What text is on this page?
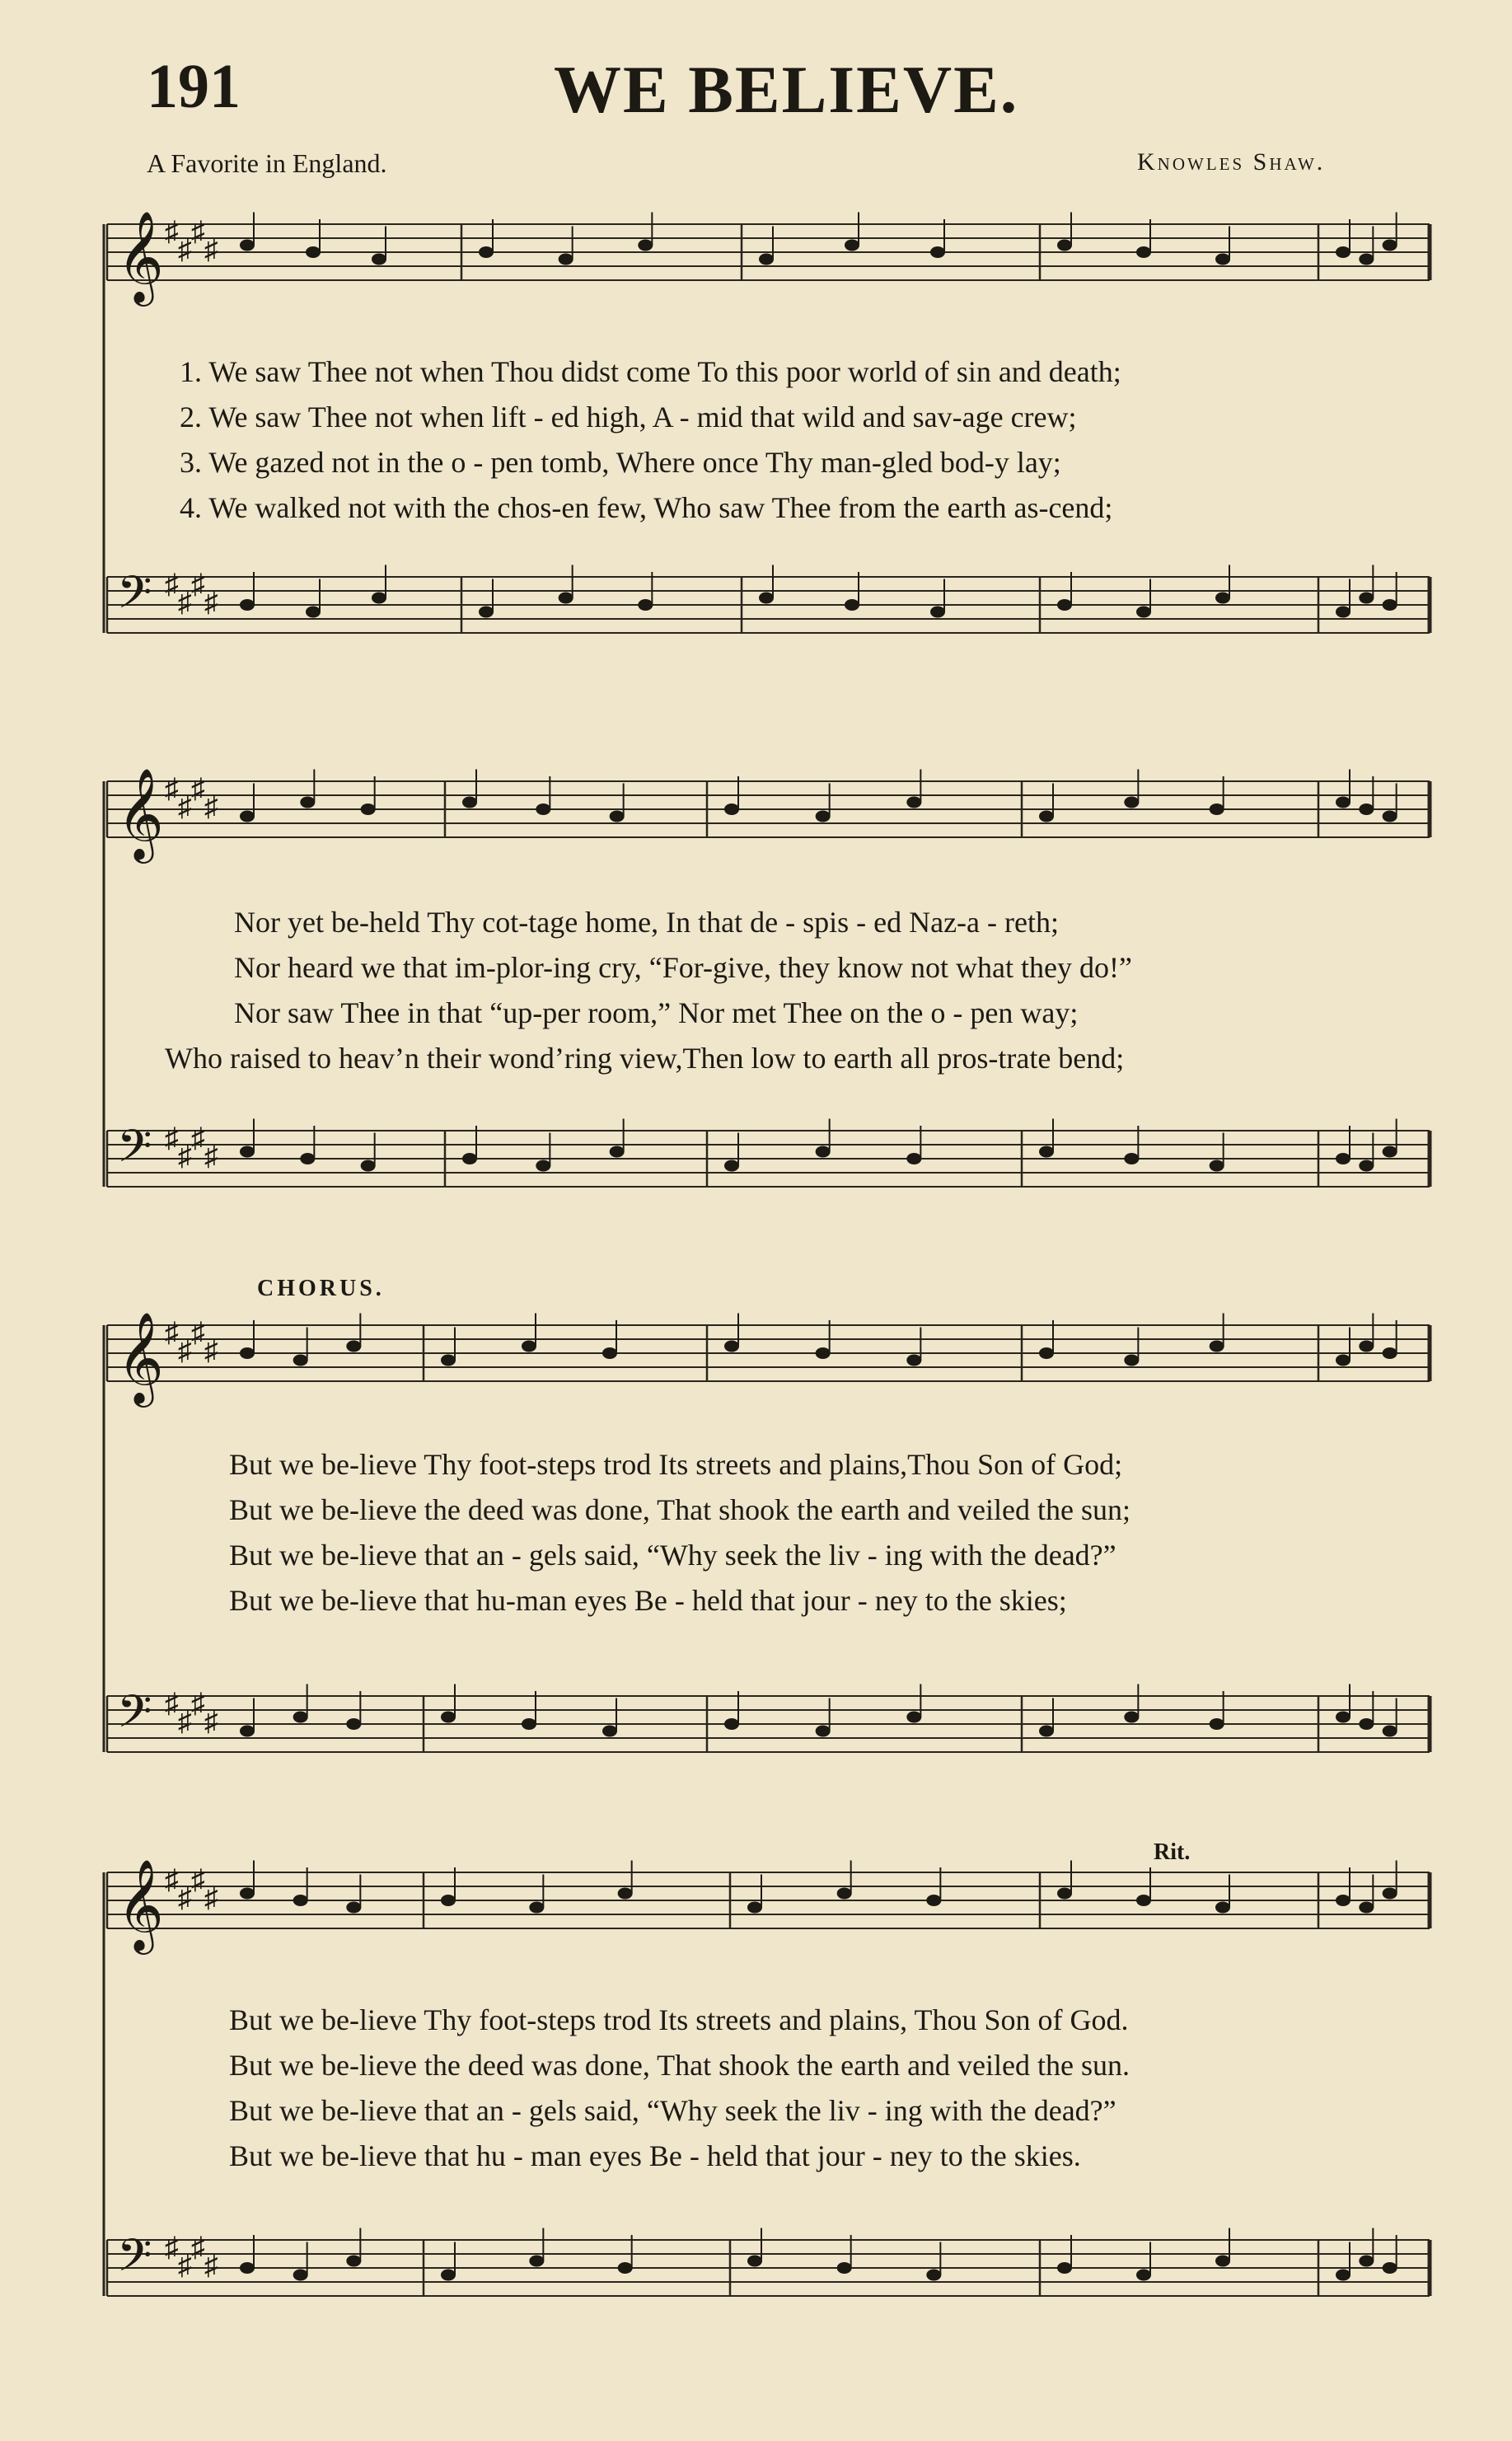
191	WE BELIEVE.
A Favorite in England.	Knowles Shaw.
𝄞 ♯
♯
♯
♯
𝄢 ♯
♯
♯
♯
𝄞 ♯
♯
♯
♯
𝄢 ♯
♯
♯
♯
𝄞 ♯
♯
♯
♯
𝄢 ♯
♯
♯
♯
𝄞 ♯
♯
♯
♯
𝄢 ♯
♯
♯
♯
1. We saw Thee not when Thou didst come To this poor world of sin and death;
2. We saw Thee not when lift - ed high, A - mid that wild and sav-age crew;
3. We gazed not in the o - pen tomb, Where once Thy man-gled bod-y lay;
4. We walked not with the chos-en few, Who saw Thee from the earth as-cend;
Nor yet be-held Thy cot-tage home, In that de - spis - ed Naz-a - reth;
Nor heard we that im-plor-ing cry, “For-give, they know not what they do!”
Nor saw Thee in that “up-per room,” Nor met Thee on the o - pen way;
Who raised to heav’n their wond’ring view,Then low to earth all pros-trate bend;
CHORUS.
But we be-lieve Thy foot-steps trod Its streets and plains,Thou Son of God;
But we be-lieve the deed was done, That shook the earth and veiled the sun;
But we be-lieve that an - gels said, “Why seek the liv - ing with the dead?”
But we be-lieve that hu-man eyes Be - held that jour - ney to the skies;
Rit.
But we be-lieve Thy foot-steps trod Its streets and plains, Thou Son of God.
But we be-lieve the deed was done, That shook the earth and veiled the sun.
But we be-lieve that an - gels said, “Why seek the liv - ing with the dead?”
But we be-lieve that hu - man eyes Be - held that jour - ney to the skies.
